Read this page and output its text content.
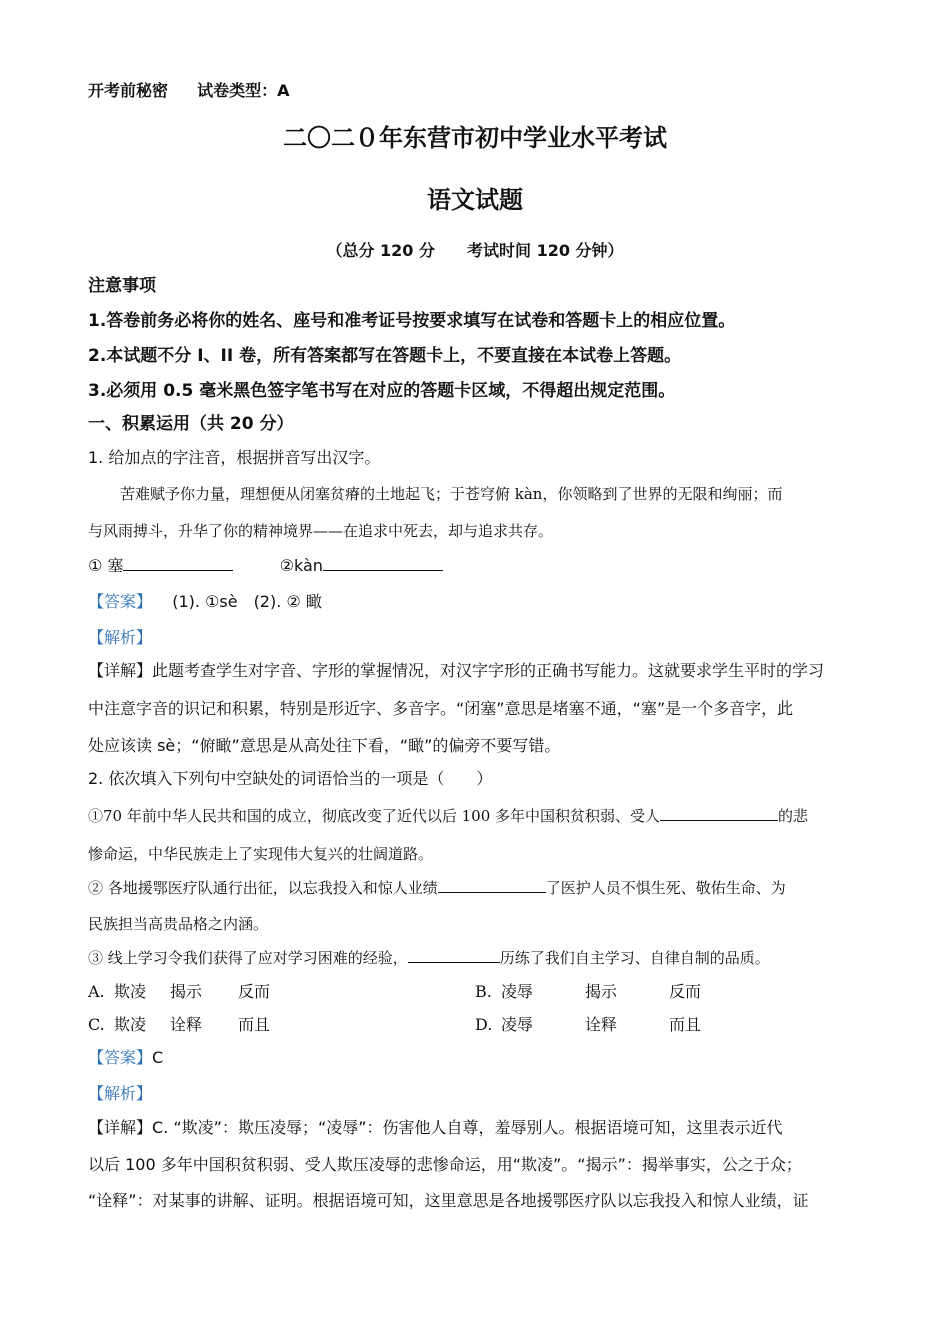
开考前秘密 试卷类型：A
二〇二０年东营市初中学业水平考试
语文试题
（总分 120 分　　考试时间 120 分钟）
注意事项
1.答卷前务必将你的姓名、座号和准考证号按要求填写在试卷和答题卡上的相应位置。
2.本试题不分 I、II 卷，所有答案都写在答题卡上，不要直接在本试卷上答题。
3.必须用 0.5 毫米黑色签字笔书写在对应的答题卡区域，不得超出规定范围。
一、积累运用（共 20 分）
1. 给加点的字注音，根据拼音写出汉字。
苦难赋予你力量，理想便从闭塞贫瘠的土地起飞；于苍穹俯 kàn，你领略到了世界的无限和绚丽；而
与风雨搏斗，升华了你的精神境界——在追求中死去，却与追求共存。
① 塞	②kàn
【答案】 (1). ①sè　(2). ② 瞰
【解析】
【详解】此题考查学生对字音、字形的掌握情况，对汉字字形的正确书写能力。这就要求学生平时的学习
中注意字音的识记和积累，特别是形近字、多音字。“闭塞”意思是堵塞不通，“塞”是一个多音字，此
处应该读 sè；“俯瞰”意思是从高处往下看，“瞰”的偏旁不要写错。
2. 依次填入下列句中空缺处的词语恰当的一项是（　　）
①70 年前中华人民共和国的成立，彻底改变了近代以后 100 多年中国积贫积弱、受人	的悲
惨命运，中华民族走上了实现伟大复兴的壮阔道路。
② 各地援鄂医疗队通行出征，以忘我投入和惊人业绩	了医护人员不惧生死、敬佑生命、为
民族担当高贵品格之内涵。
③ 线上学习令我们获得了应对学习困难的经验，	历练了我们自主学习、自律自制的品质。
A. 欺凌 揭示 反而	B. 凌辱	揭示	反而
C. 欺凌 诠释 而且	D. 凌辱	诠释	而且
【答案】C
【解析】
【详解】C. “欺凌”：欺压凌辱；“凌辱”：伤害他人自尊，羞辱别人。根据语境可知，这里表示近代
以后 100 多年中国积贫积弱、受人欺压凌辱的悲惨命运，用“欺凌”。“揭示”：揭举事实，公之于众；
“诠释”：对某事的讲解、证明。根据语境可知，这里意思是各地援鄂医疗队以忘我投入和惊人业绩，证
